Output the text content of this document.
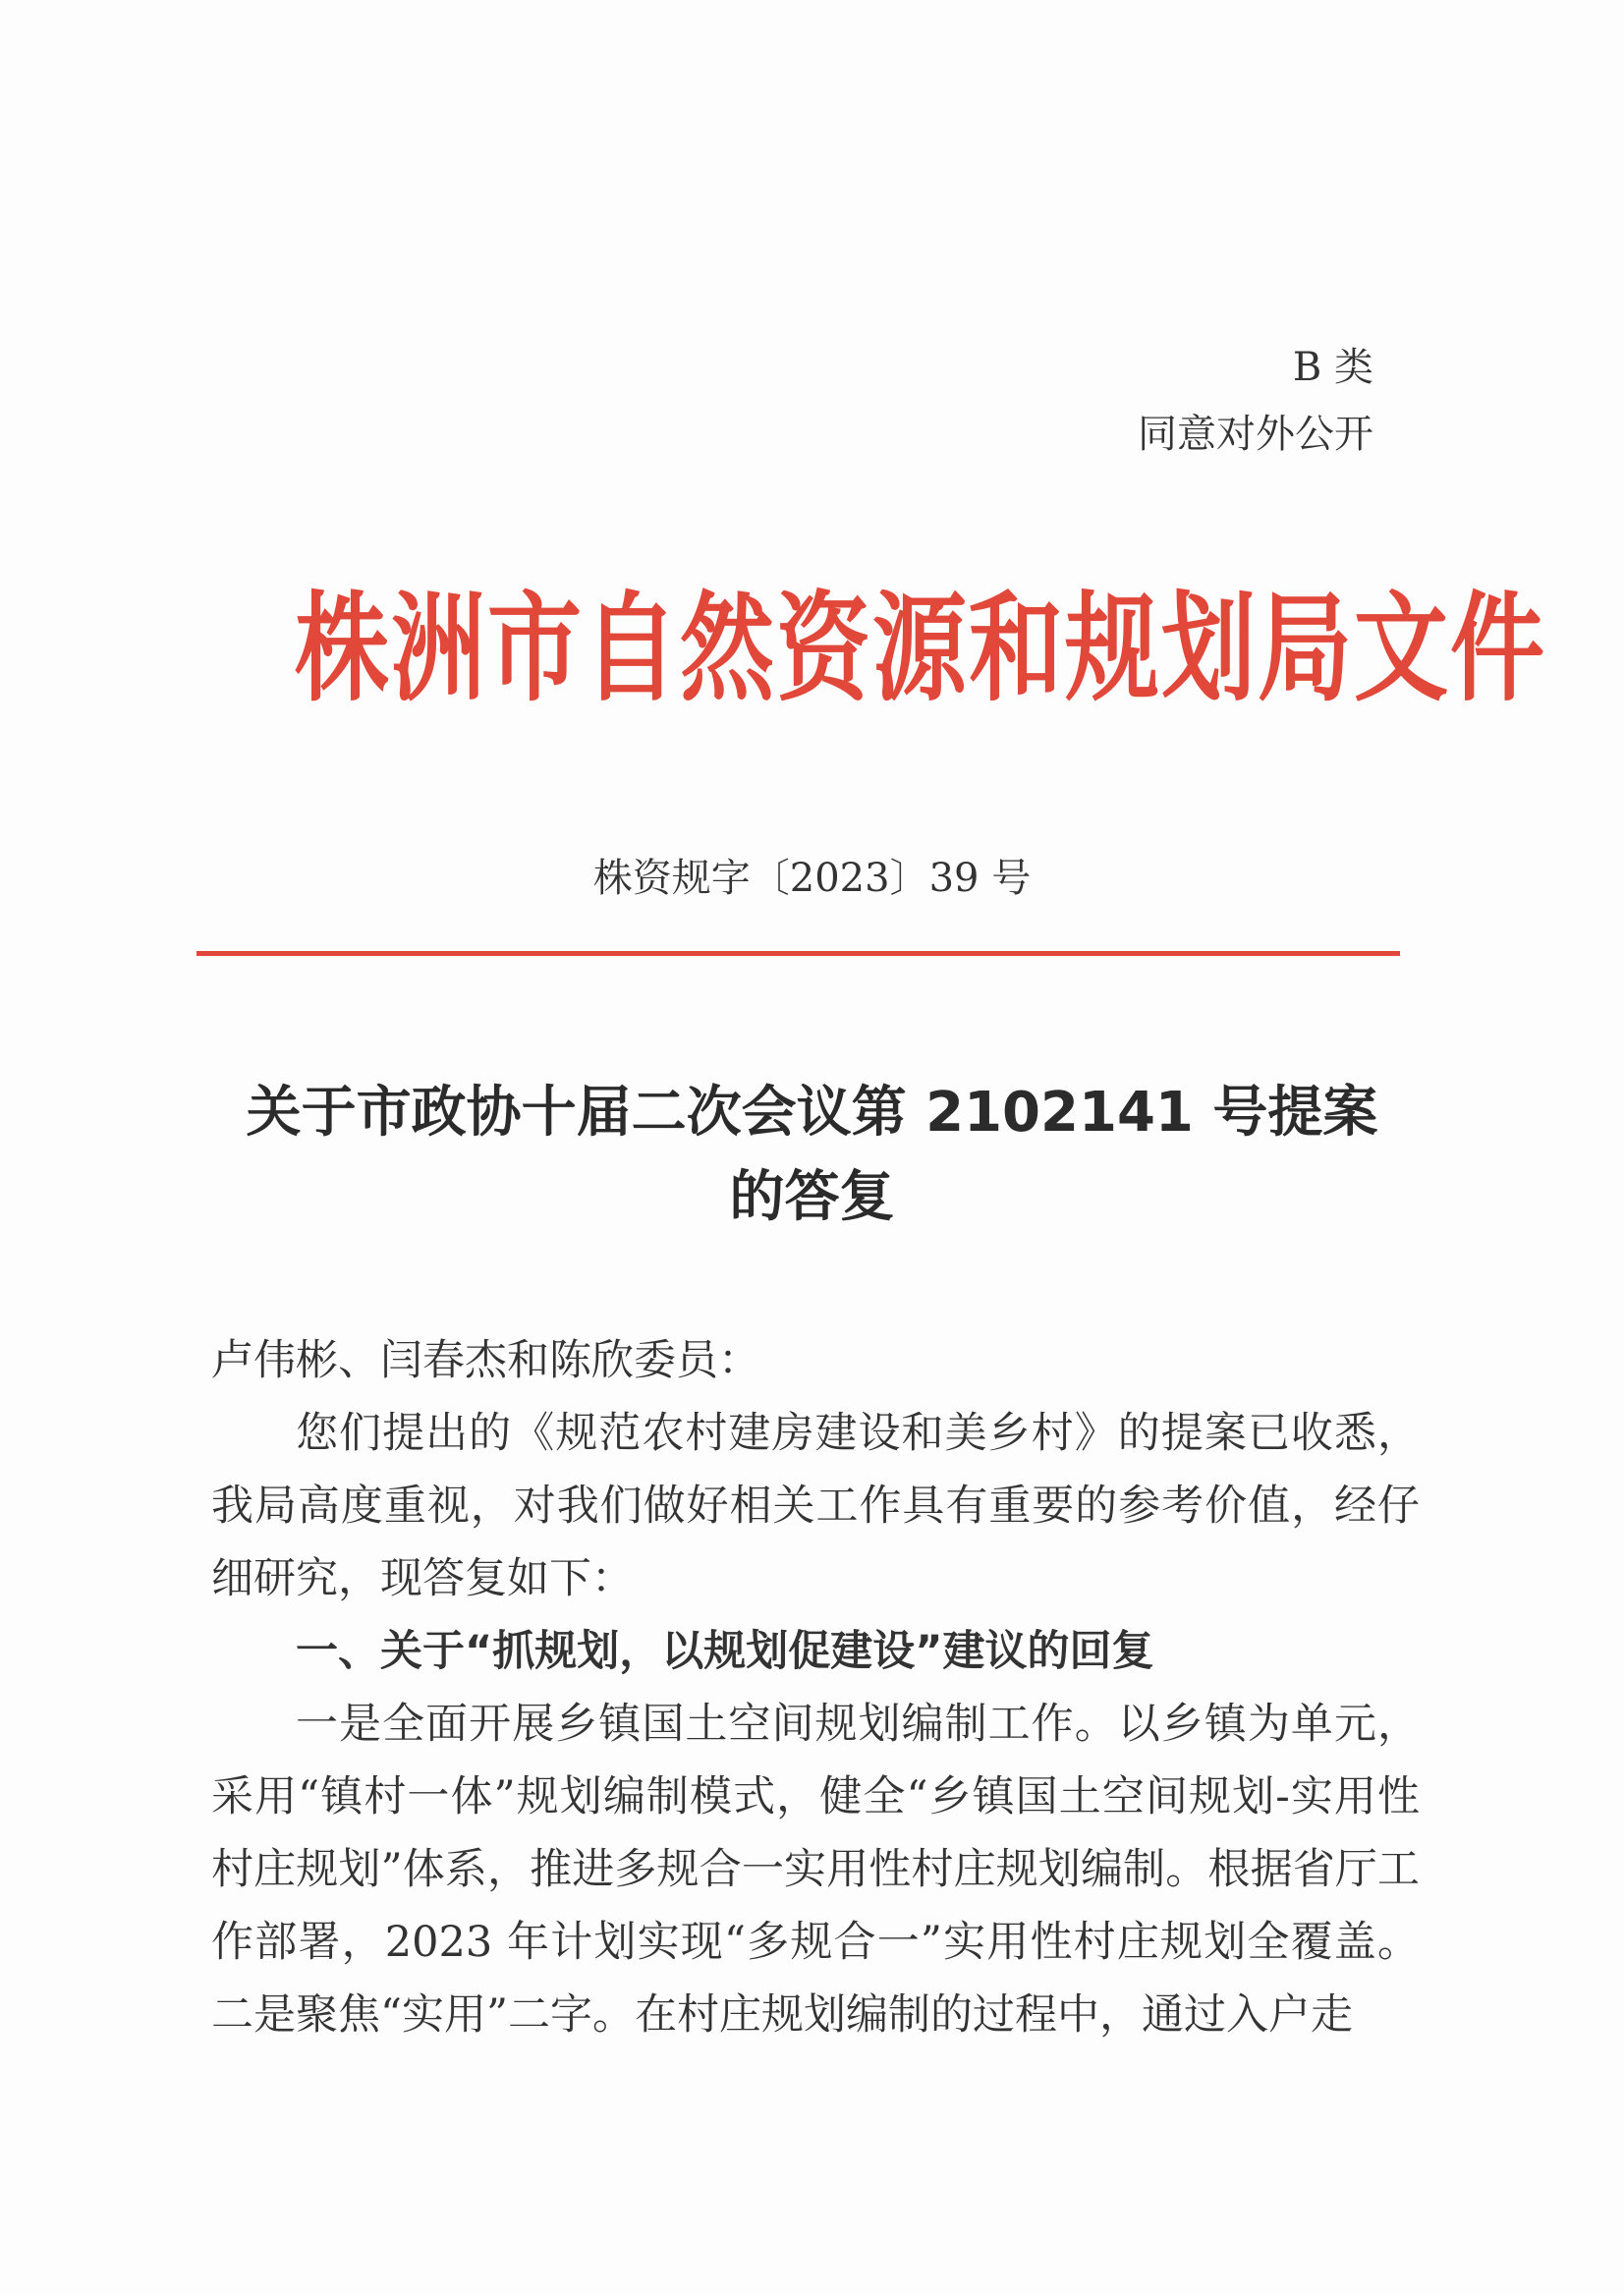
B 类
同意对外公开
株洲市自然资源和规划局文件
株资规字〔2023〕39 号
关于市政协十届二次会议第 2102141 号提案
的答复

卢伟彬、闫春杰和陈欣委员：

您们提出的《规范农村建房建设和美乡村》的提案已收悉，我局高度重视，对我们做好相关工作具有重要的参考价值，经仔细研究，现答复如下：

一、关于“抓规划，以规划促建设”建议的回复

一是全面开展乡镇国土空间规划编制工作。以乡镇为单元，采用“镇村一体”规划编制模式，健全“乡镇国土空间规划-实用性村庄规划”体系，推进多规合一实用性村庄规划编制。根据省厅工作部署，2023 年计划实现“多规合一”实用性村庄规划全覆盖。二是聚焦“实用”二字。在村庄规划编制的过程中，通过入户走
